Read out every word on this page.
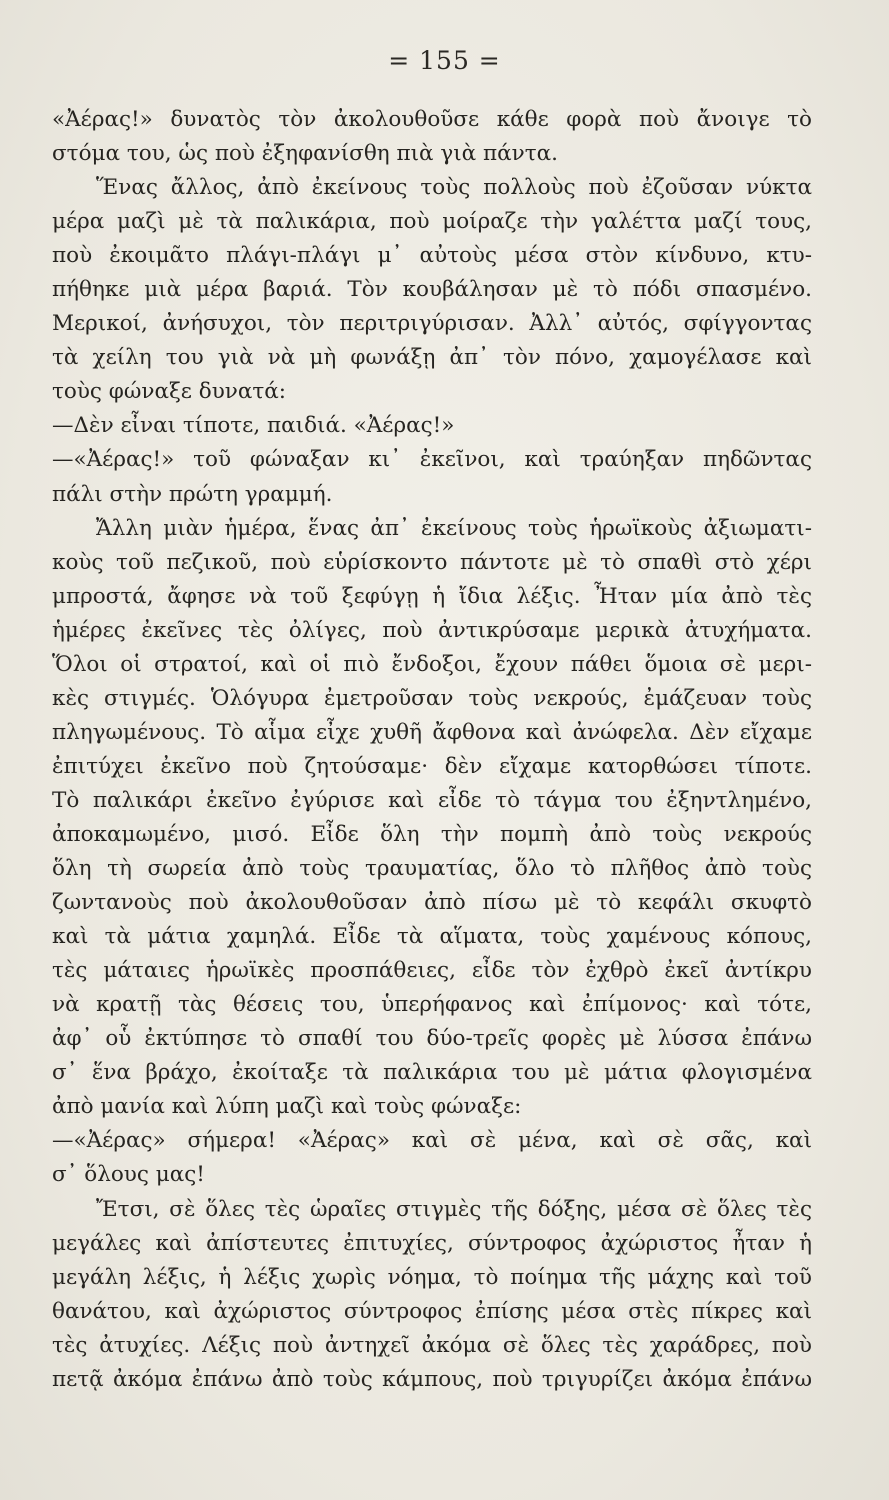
= 155 =
«Ἀέρας!» δυνατὸς τὸν ἀκολουθοῦσε κάθε φορὰ ποὺ ἄνοιγε τὸ
στόμα του, ὡς ποὺ ἐξηφανίσθη πιὰ γιὰ πάντα.
Ἕνας ἄλλος, ἀπὸ ἐκείνους τοὺς πολλοὺς ποὺ ἐζοῦσαν νύκτα
μέρα μαζὶ μὲ τὰ παλικάρια, ποὺ μοίραζε τὴν γαλέττα μαζί τους,
ποὺ ἐκοιμᾶτο πλάγι-πλάγι μ᾿ αὐτοὺς μέσα στὸν κίνδυνο, κτυ-
πήθηκε μιὰ μέρα βαριά. Τὸν κουβάλησαν μὲ τὸ πόδι σπασμένο.
Μερικοί, ἀνήσυχοι, τὸν περιτριγύρισαν. Ἀλλ᾿ αὐτός, σφίγγοντας
τὰ χείλη του γιὰ νὰ μὴ φωνάξῃ ἀπ᾿ τὸν πόνο, χαμογέλασε καὶ
τοὺς φώναξε δυνατά:
—Δὲν εἶναι τίποτε, παιδιά. «Ἀέρας!»
—«Ἀέρας!» τοῦ φώναξαν κι᾿ ἐκεῖνοι, καὶ τραύηξαν πηδῶντας
πάλι στὴν πρώτη γραμμή.
Ἄλλη μιὰν ἡμέρα, ἕνας ἀπ᾿ ἐκείνους τοὺς ἡρωϊκοὺς ἀξιωματι-
κοὺς τοῦ πεζικοῦ, ποὺ εὑρίσκοντο πάντοτε μὲ τὸ σπαθὶ στὸ χέρι
μπροστά, ἄφησε νὰ τοῦ ξεφύγῃ ἡ ἴδια λέξις. Ἦταν μία ἀπὸ τὲς
ἡμέρες ἐκεῖνες τὲς ὀλίγες, ποὺ ἀντικρύσαμε μερικὰ ἀτυχήματα.
Ὅλοι οἱ στρατοί, καὶ οἱ πιὸ ἔνδοξοι, ἔχουν πάθει ὅμοια σὲ μερι-
κὲς στιγμές. Ὁλόγυρα ἐμετροῦσαν τοὺς νεκρούς, ἐμάζευαν τοὺς
πληγωμένους. Τὸ αἷμα εἶχε χυθῆ ἄφθονα καὶ ἀνώφελα. Δὲν εἴχαμε
ἐπιτύχει ἐκεῖνο ποὺ ζητούσαμε· δὲν εἴχαμε κατορθώσει τίποτε.
Τὸ παλικάρι ἐκεῖνο ἐγύρισε καὶ εἶδε τὸ τάγμα του ἐξηντλημένο,
ἀποκαμωμένο, μισό. Εἶδε ὅλη τὴν πομπὴ ἀπὸ τοὺς νεκρούς
ὅλη τὴ σωρεία ἀπὸ τοὺς τραυματίας, ὅλο τὸ πλῆθος ἀπὸ τοὺς
ζωντανοὺς ποὺ ἀκολουθοῦσαν ἀπὸ πίσω μὲ τὸ κεφάλι σκυφτὸ
καὶ τὰ μάτια χαμηλά. Εἶδε τὰ αἵματα, τοὺς χαμένους κόπους,
τὲς μάταιες ἡρωϊκὲς προσπάθειες, εἶδε τὸν ἐχθρὸ ἐκεῖ ἀντίκρυ
νὰ κρατῇ τὰς θέσεις του, ὑπερήφανος καὶ ἐπίμονος· καὶ τότε,
ἀφ᾿ οὗ ἐκτύπησε τὸ σπαθί του δύο-τρεῖς φορὲς μὲ λύσσα ἐπάνω
σ᾿ ἕνα βράχο, ἐκοίταξε τὰ παλικάρια του μὲ μάτια φλογισμένα
ἀπὸ μανία καὶ λύπη μαζὶ καὶ τοὺς φώναξε:
—«Ἀέρας» σήμερα! «Ἀέρας» καὶ σὲ μένα, καὶ σὲ σᾶς, καὶ
σ᾿ ὅλους μας!
Ἔτσι, σὲ ὅλες τὲς ὡραῖες στιγμὲς τῆς δόξης, μέσα σὲ ὅλες τὲς
μεγάλες καὶ ἀπίστευτες ἐπιτυχίες, σύντροφος ἀχώριστος ἦταν ἡ
μεγάλη λέξις, ἡ λέξις χωρὶς νόημα, τὸ ποίημα τῆς μάχης καὶ τοῦ
θανάτου, καὶ ἀχώριστος σύντροφος ἐπίσης μέσα στὲς πίκρες καὶ
τὲς ἀτυχίες. Λέξις ποὺ ἀντηχεῖ ἀκόμα σὲ ὅλες τὲς χαράδρες, ποὺ
πετᾷ ἀκόμα ἐπάνω ἀπὸ τοὺς κάμπους, ποὺ τριγυρίζει ἀκόμα ἐπάνω
